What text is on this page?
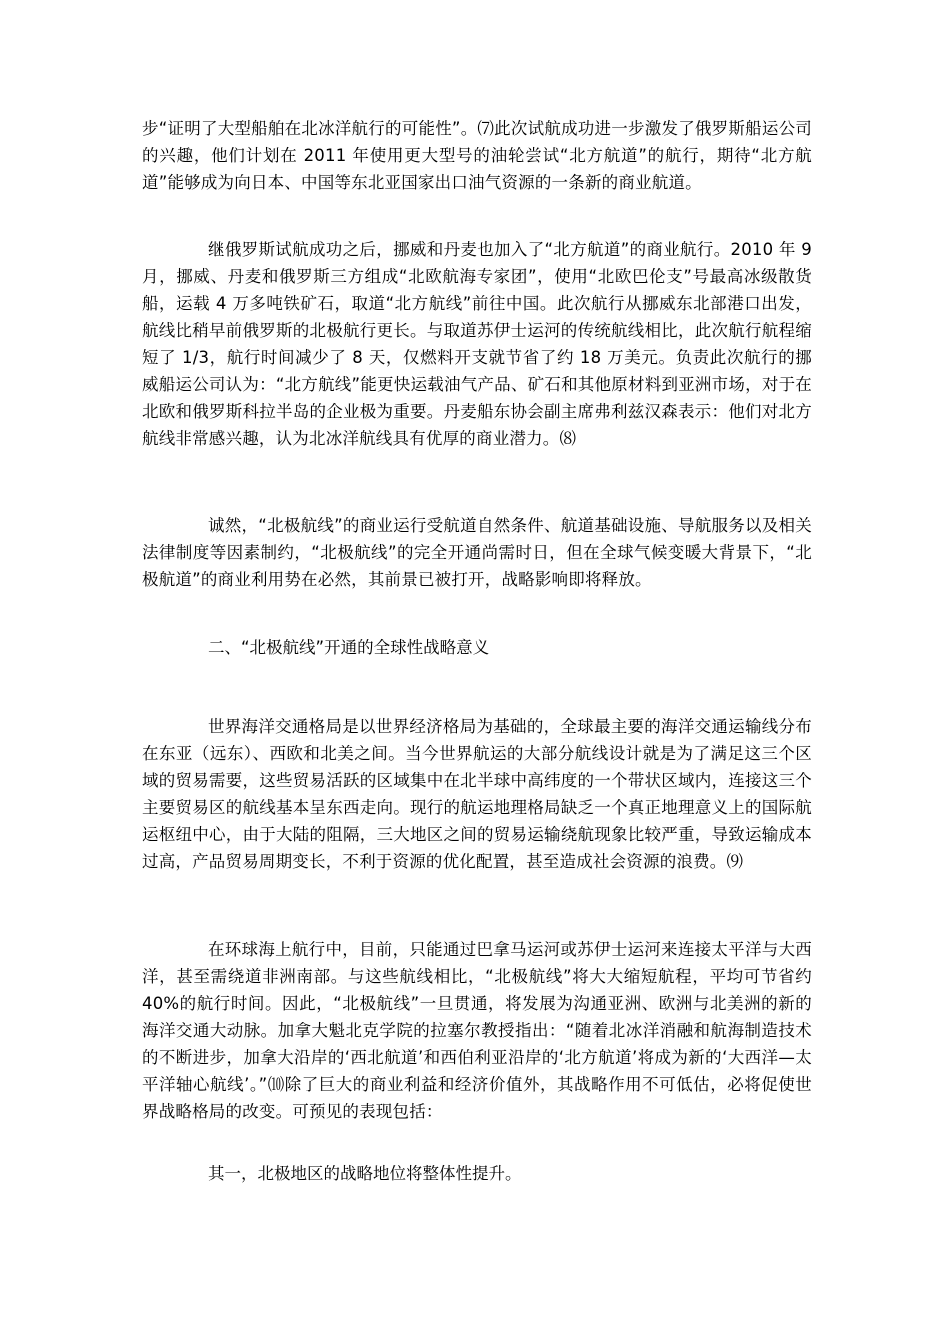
步“证明了大型船舶在北冰洋航行的可能性”。⑺此次试航成功进一步激发了俄罗斯船运公司的兴趣，他们计划在 2011 年使用更大型号的油轮尝试“北方航道”的航行，期待“北方航道”能够成为向日本、中国等东北亚国家出口油气资源的一条新的商业航道。

继俄罗斯试航成功之后，挪威和丹麦也加入了“北方航道”的商业航行。2010 年 9 月，挪威、丹麦和俄罗斯三方组成“北欧航海专家团”，使用“北欧巴伦支”号最高冰级散货船，运载 4 万多吨铁矿石，取道“北方航线”前往中国。此次航行从挪威东北部港口出发，航线比稍早前俄罗斯的北极航行更长。与取道苏伊士运河的传统航线相比，此次航行航程缩短了 1/3，航行时间减少了 8 天，仅燃料开支就节省了约 18 万美元。负责此次航行的挪威船运公司认为：“北方航线”能更快运载油气产品、矿石和其他原材料到亚洲市场，对于在北欧和俄罗斯科拉半岛的企业极为重要。丹麦船东协会副主席弗利兹汉森表示：他们对北方航线非常感兴趣，认为北冰洋航线具有优厚的商业潜力。⑻

诚然，“北极航线”的商业运行受航道自然条件、航道基础设施、导航服务以及相关法律制度等因素制约，“北极航线”的完全开通尚需时日，但在全球气候变暖大背景下，“北极航道”的商业利用势在必然，其前景已被打开，战略影响即将释放。

二、“北极航线”开通的全球性战略意义

世界海洋交通格局是以世界经济格局为基础的，全球最主要的海洋交通运输线分布在东亚（远东）、西欧和北美之间。当今世界航运的大部分航线设计就是为了满足这三个区域的贸易需要，这些贸易活跃的区域集中在北半球中高纬度的一个带状区域内，连接这三个主要贸易区的航线基本呈东西走向。现行的航运地理格局缺乏一个真正地理意义上的国际航运枢纽中心，由于大陆的阻隔，三大地区之间的贸易运输绕航现象比较严重，导致运输成本过高，产品贸易周期变长，不利于资源的优化配置，甚至造成社会资源的浪费。⑼

在环球海上航行中，目前，只能通过巴拿马运河或苏伊士运河来连接太平洋与大西洋，甚至需绕道非洲南部。与这些航线相比，“北极航线”将大大缩短航程，平均可节省约 40%的航行时间。因此，“北极航线”一旦贯通，将发展为沟通亚洲、欧洲与北美洲的新的海洋交通大动脉。加拿大魁北克学院的拉塞尔教授指出：“随着北冰洋消融和航海制造技术的不断进步，加拿大沿岸的‘西北航道’和西伯利亚沿岸的‘北方航道’将成为新的‘大西洋—太平洋轴心航线’。”⑽除了巨大的商业利益和经济价值外，其战略作用不可低估，必将促使世界战略格局的改变。可预见的表现包括：

其一，北极地区的战略地位将整体性提升。
